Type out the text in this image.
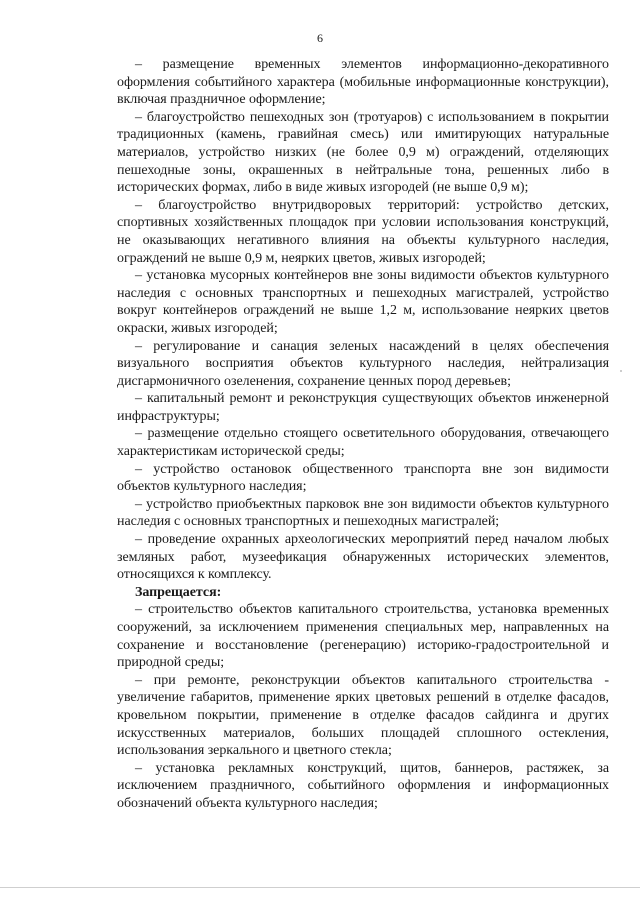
6

– размещение временных элементов информационно-декоративного оформления событийного характера (мобильные информационные конструкции), включая праздничное оформление;

– благоустройство пешеходных зон (тротуаров) с использованием в покрытии традиционных (камень, гравийная смесь) или имитирующих натуральные материалов, устройство низких (не более 0,9 м) ограждений, отделяющих пешеходные зоны, окрашенных в нейтральные тона, решенных либо в исторических формах, либо в виде живых изгородей (не выше 0,9 м);

– благоустройство внутридворовых территорий: устройство детских, спортивных хозяйственных площадок при условии использования конструкций, не оказывающих негативного влияния на объекты культурного наследия, ограждений не выше 0,9 м, неярких цветов, живых изгородей;

– установка мусорных контейнеров вне зоны видимости объектов культурного наследия с основных транспортных и пешеходных магистралей, устройство вокруг контейнеров ограждений не выше 1,2 м, использование неярких цветов окраски, живых изгородей;

– регулирование и санация зеленых насаждений в целях обеспечения визуального восприятия объектов культурного наследия, нейтрализация дисгармоничного озеленения, сохранение ценных пород деревьев;

– капитальный ремонт и реконструкция существующих объектов инженерной инфраструктуры;

– размещение отдельно стоящего осветительного оборудования, отвечающего характеристикам исторической среды;

– устройство остановок общественного транспорта вне зон видимости объектов культурного наследия;

– устройство приобъектных парковок вне зон видимости объектов культурного наследия с основных транспортных и пешеходных магистралей;

– проведение охранных археологических мероприятий перед началом любых земляных работ, музеефикация обнаруженных исторических элементов, относящихся к комплексу.

Запрещается:

– строительство объектов капитального строительства, установка временных сооружений, за исключением применения специальных мер, направленных на сохранение и восстановление (регенерацию) историко-градостроительной и природной среды;

– при ремонте, реконструкции объектов капитального строительства - увеличение габаритов, применение ярких цветовых решений в отделке фасадов, кровельном покрытии, применение в отделке фасадов сайдинга и других искусственных материалов, больших площадей сплошного остекления, использования зеркального и цветного стекла;

– установка рекламных конструкций, щитов, баннеров, растяжек, за исключением праздничного, событийного оформления и информационных обозначений объекта культурного наследия;
